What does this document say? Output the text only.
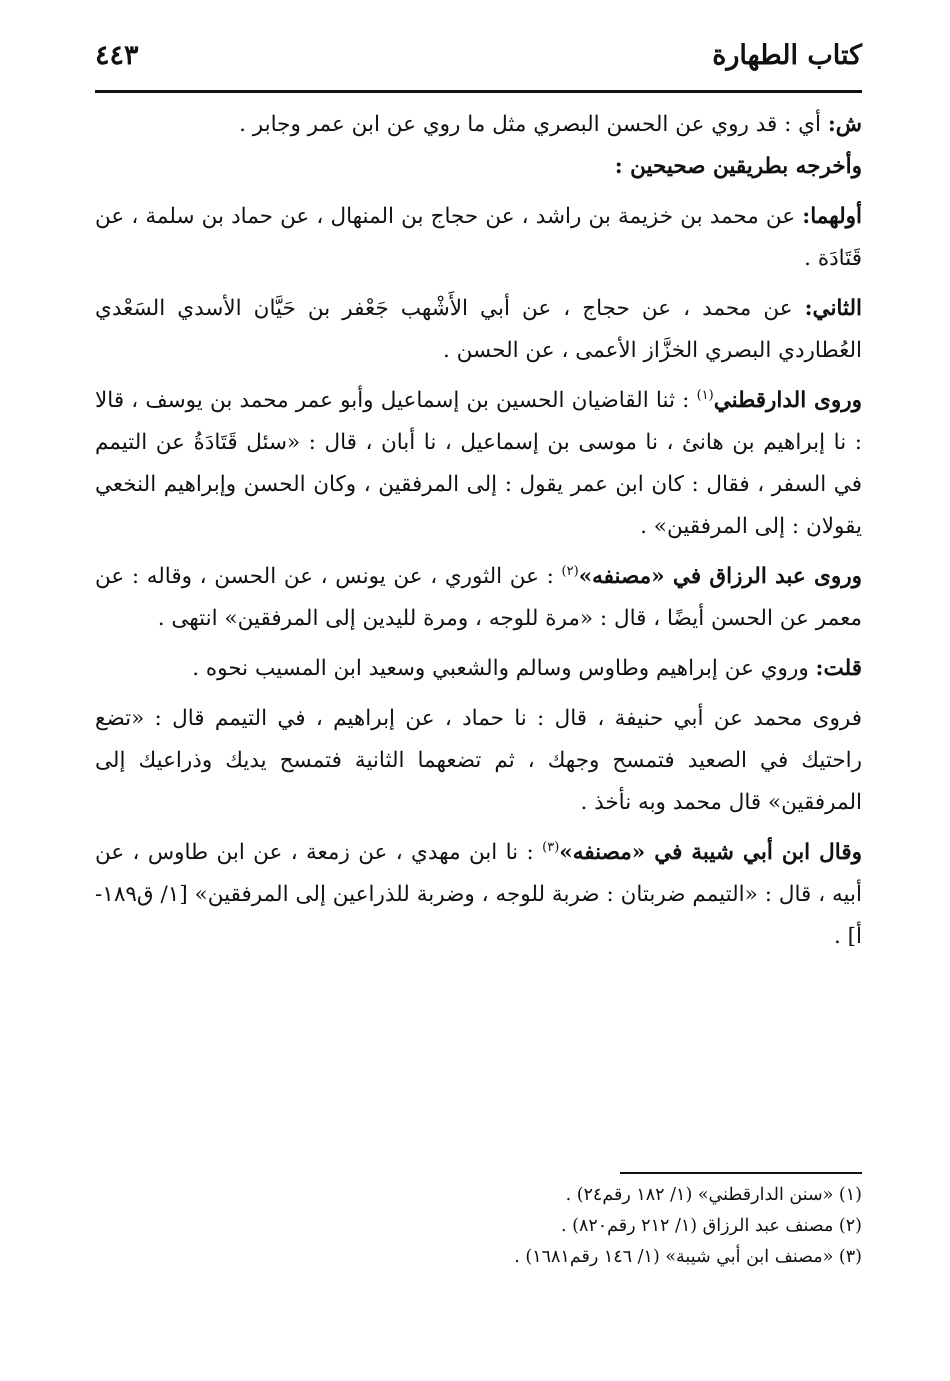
كتاب الطهارة
٤٤٣

ش: أي : قد روي عن الحسن البصري مثل ما روي عن ابن عمر وجابر .

وأخرجه بطريقين صحيحين :

أولهما: عن محمد بن خزيمة بن راشد ، عن حجاج بن المنهال ، عن حماد بن سلمة ، عن قَتَادَة .

الثاني: عن محمد ، عن حجاج ، عن أبي الأَشْهب جَعْفر بن حَيَّان الأسدي السَعْدي العُطاردي البصري الخزَّاز الأعمى ، عن الحسن .

وروى الدارقطني$^{(١)}$ : ثنا القاضيان الحسين بن إسماعيل وأبو عمر محمد بن يوسف ، قالا : نا إبراهيم بن هانئ ، نا موسى بن إسماعيل ، نا أبان ، قال : «سئل قَتَادَةُ عن التيمم في السفر ، فقال : كان ابن عمر يقول : إلى المرفقين ، وكان الحسن وإبراهيم النخعي يقولان : إلى المرفقين» .

وروى عبد الرزاق في «مصنفه»$^{(٢)}$ : عن الثوري ، عن يونس ، عن الحسن ، وقاله : عن معمر عن الحسن أيضًا ، قال : «مرة للوجه ، ومرة لليدين إلى المرفقين» انتهى .

قلت: وروي عن إبراهيم وطاوس وسالم والشعبي وسعيد ابن المسيب نحوه .

فروى محمد عن أبي حنيفة ، قال : نا حماد ، عن إبراهيم ، في التيمم قال : «تضع راحتيك في الصعيد فتمسح وجهك ، ثم تضعهما الثانية فتمسح يديك وذراعيك إلى المرفقين» قال محمد وبه نأخذ .

وقال ابن أبي شيبة في «مصنفه»$^{(٣)}$ : نا ابن مهدي ، عن زمعة ، عن ابن طاوس ، عن أبيه ، قال : «التيمم ضربتان : ضربة للوجه ، وضربة للذراعين إلى المرفقين» [١/ ق١٨٩-أ] .

(١) «سنن الدارقطني» (١/ ١٨٢ رقم٢٤) .

(٢) مصنف عبد الرزاق (١/ ٢١٢ رقم٨٢٠) .

(٣) «مصنف ابن أبي شيبة» (١/ ١٤٦ رقم١٦٨١) .
